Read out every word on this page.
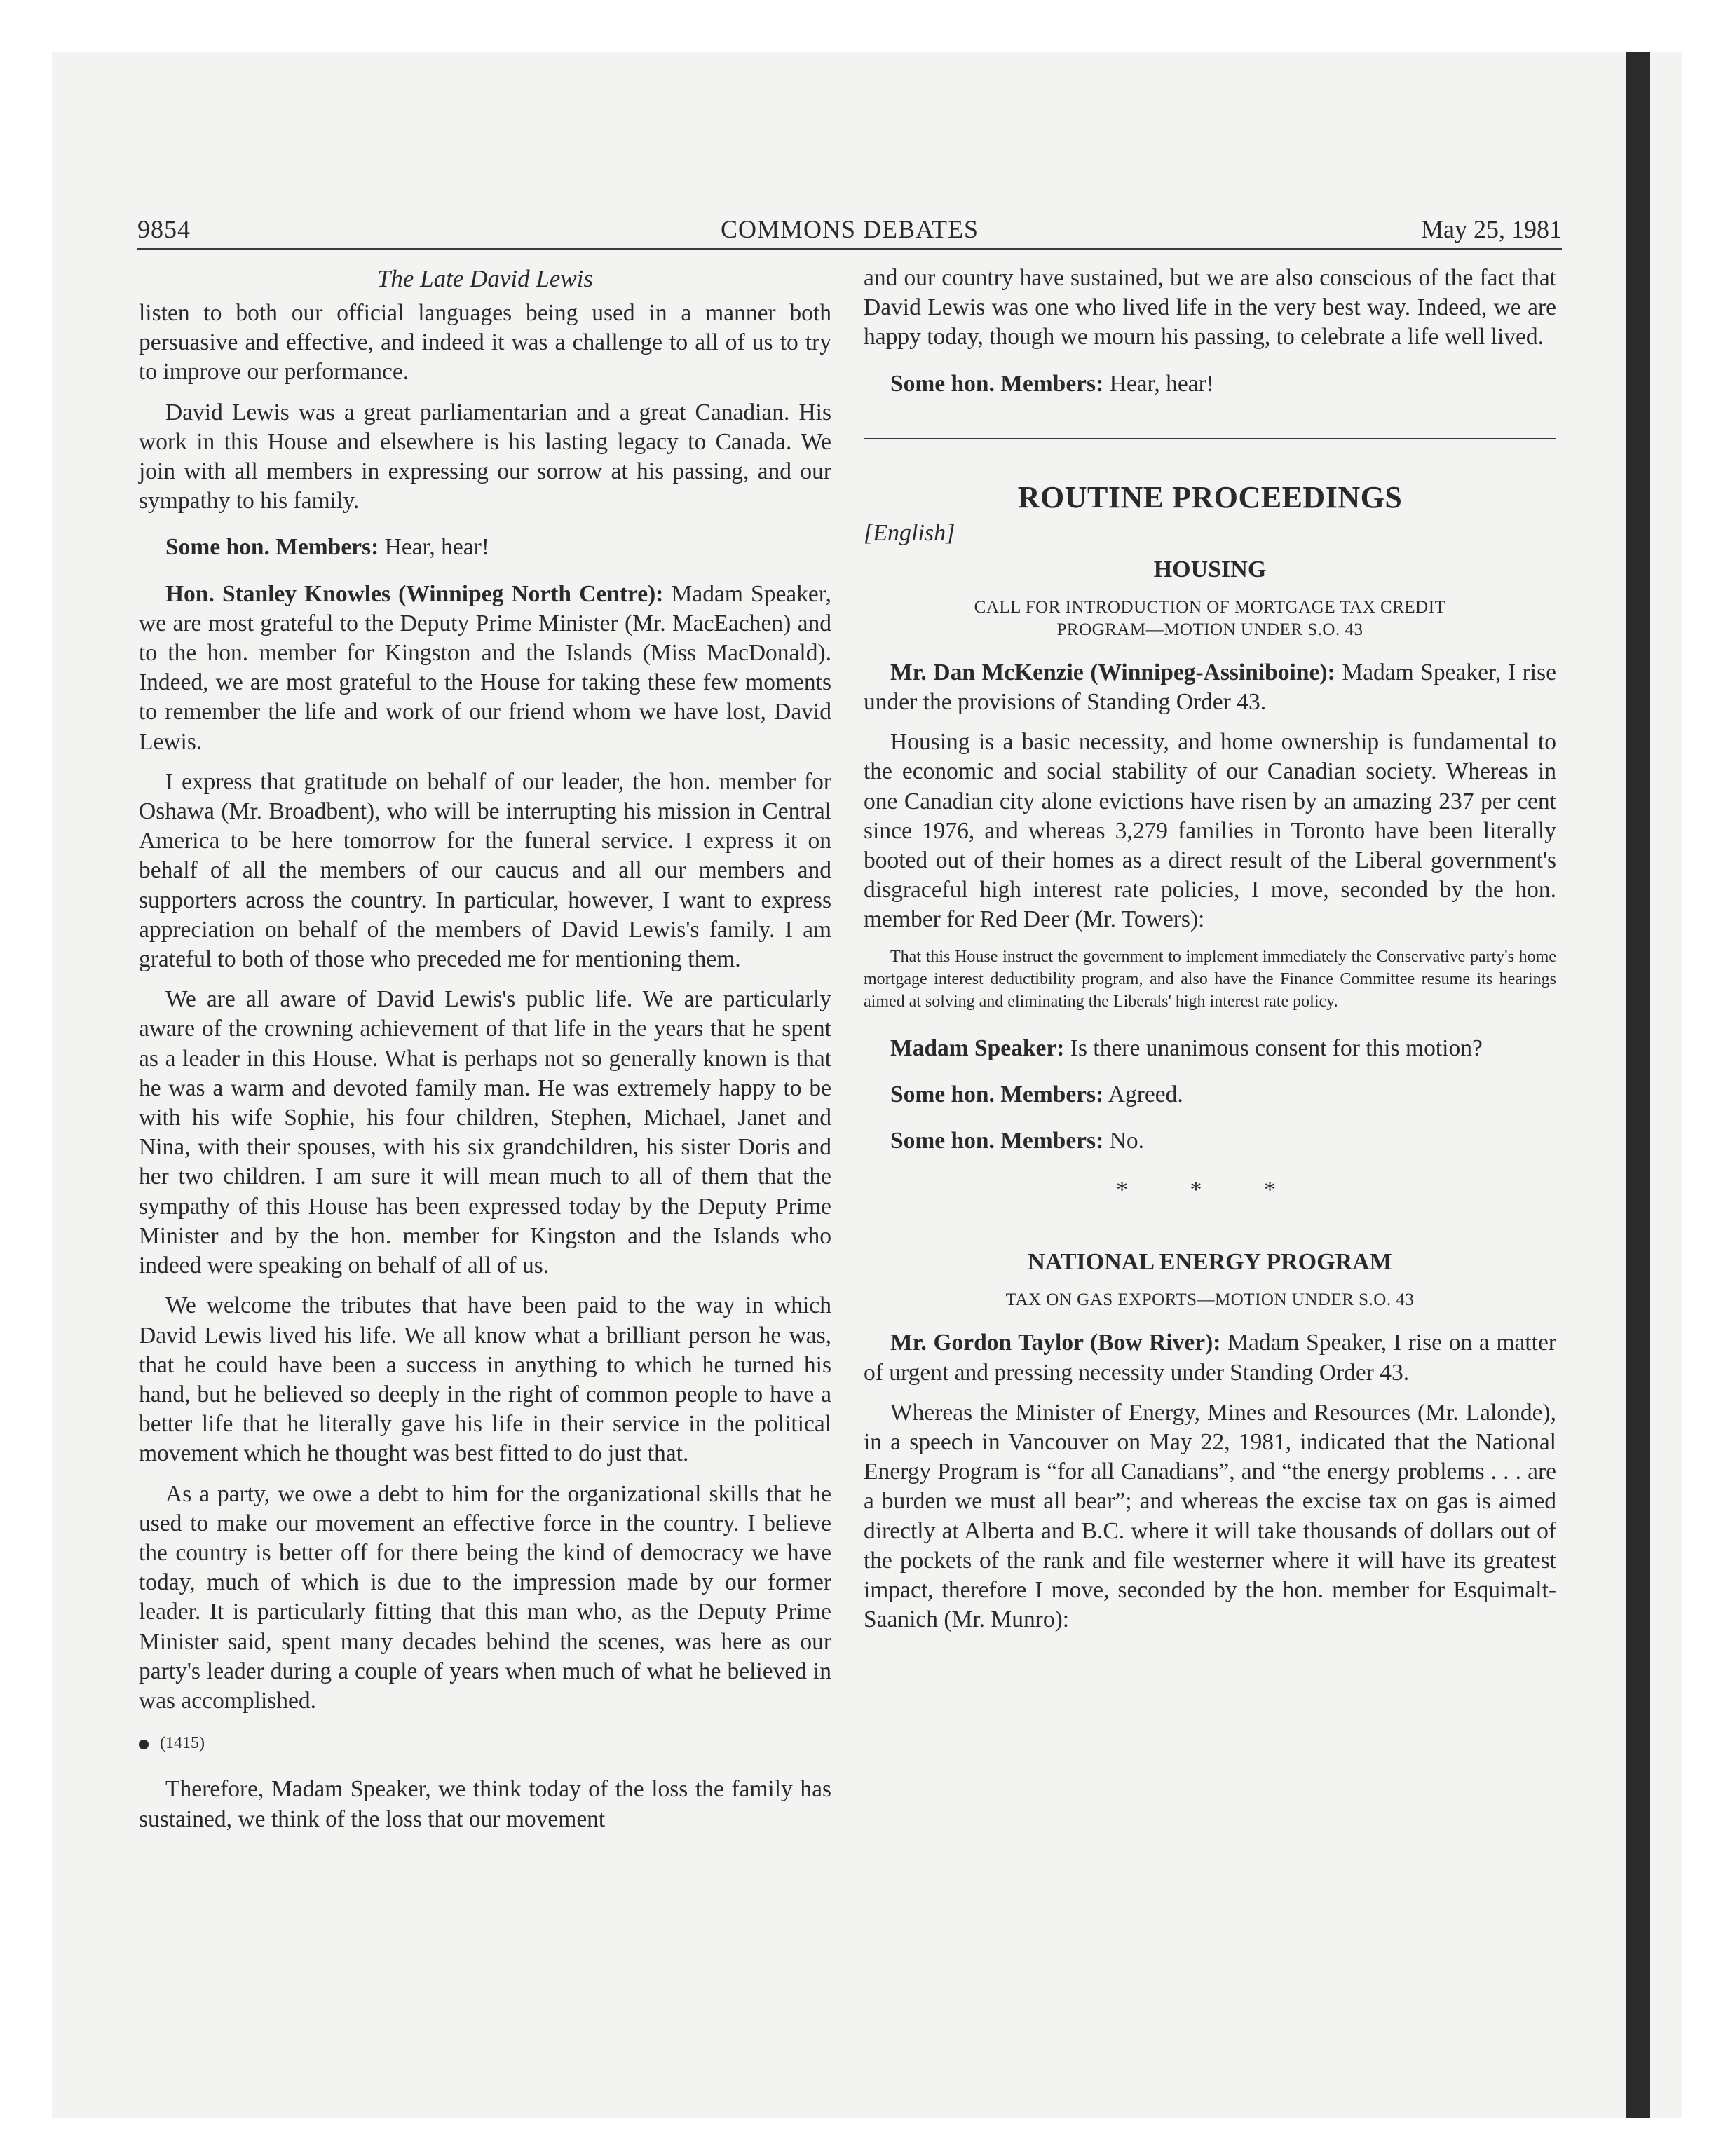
COMMONS DEBATES
9854	May 25, 1981
The Late David Lewis

listen to both our official languages being used in a manner both persuasive and effective, and indeed it was a challenge to all of us to try to improve our performance.

David Lewis was a great parliamentarian and a great Canadian. His work in this House and elsewhere is his lasting legacy to Canada. We join with all members in expressing our sorrow at his passing, and our sympathy to his family.

Some hon. Members: Hear, hear!

Hon. Stanley Knowles (Winnipeg North Centre): Madam Speaker, we are most grateful to the Deputy Prime Minister (Mr. MacEachen) and to the hon. member for Kingston and the Islands (Miss MacDonald). Indeed, we are most grateful to the House for taking these few moments to remember the life and work of our friend whom we have lost, David Lewis.

I express that gratitude on behalf of our leader, the hon. member for Oshawa (Mr. Broadbent), who will be interrupting his mission in Central America to be here tomorrow for the funeral service. I express it on behalf of all the members of our caucus and all our members and supporters across the country. In particular, however, I want to express appreciation on behalf of the members of David Lewis's family. I am grateful to both of those who preceded me for mentioning them.

We are all aware of David Lewis's public life. We are particularly aware of the crowning achievement of that life in the years that he spent as a leader in this House. What is perhaps not so generally known is that he was a warm and devoted family man. He was extremely happy to be with his wife Sophie, his four children, Stephen, Michael, Janet and Nina, with their spouses, with his six grandchildren, his sister Doris and her two children. I am sure it will mean much to all of them that the sympathy of this House has been expressed today by the Deputy Prime Minister and by the hon. member for Kingston and the Islands who indeed were speaking on behalf of all of us.

We welcome the tributes that have been paid to the way in which David Lewis lived his life. We all know what a brilliant person he was, that he could have been a success in anything to which he turned his hand, but he believed so deeply in the right of common people to have a better life that he literally gave his life in their service in the political movement which he thought was best fitted to do just that.

As a party, we owe a debt to him for the organizational skills that he used to make our movement an effective force in the country. I believe the country is better off for there being the kind of democracy we have today, much of which is due to the impression made by our former leader. It is particularly fitting that this man who, as the Deputy Prime Minister said, spent many decades behind the scenes, was here as our party's leader during a couple of years when much of what he believed in was accomplished.

(1415)

Therefore, Madam Speaker, we think today of the loss the family has sustained, we think of the loss that our movement

and our country have sustained, but we are also conscious of the fact that David Lewis was one who lived life in the very best way. Indeed, we are happy today, though we mourn his passing, to celebrate a life well lived.

Some hon. Members: Hear, hear!

ROUTINE PROCEEDINGS
[English]
HOUSING
CALL FOR INTRODUCTION OF MORTGAGE TAX CREDIT
PROGRAM—MOTION UNDER S.O. 43

Mr. Dan McKenzie (Winnipeg-Assiniboine): Madam Speaker, I rise under the provisions of Standing Order 43.

Housing is a basic necessity, and home ownership is fundamental to the economic and social stability of our Canadian society. Whereas in one Canadian city alone evictions have risen by an amazing 237 per cent since 1976, and whereas 3,279 families in Toronto have been literally booted out of their homes as a direct result of the Liberal government's disgraceful high interest rate policies, I move, seconded by the hon. member for Red Deer (Mr. Towers):

That this House instruct the government to implement immediately the Conservative party's home mortgage interest deductibility program, and also have the Finance Committee resume its hearings aimed at solving and eliminating the Liberals' high interest rate policy.

Madam Speaker: Is there unanimous consent for this motion?

Some hon. Members: Agreed.

Some hon. Members: No.

* * *
NATIONAL ENERGY PROGRAM
TAX ON GAS EXPORTS—MOTION UNDER S.O. 43

Mr. Gordon Taylor (Bow River): Madam Speaker, I rise on a matter of urgent and pressing necessity under Standing Order 43.

Whereas the Minister of Energy, Mines and Resources (Mr. Lalonde), in a speech in Vancouver on May 22, 1981, indicated that the National Energy Program is “for all Canadians”, and “the energy problems . . . are a burden we must all bear”; and whereas the excise tax on gas is aimed directly at Alberta and B.C. where it will take thousands of dollars out of the pockets of the rank and file westerner where it will have its greatest impact, therefore I move, seconded by the hon. member for Esquimalt-Saanich (Mr. Munro):
